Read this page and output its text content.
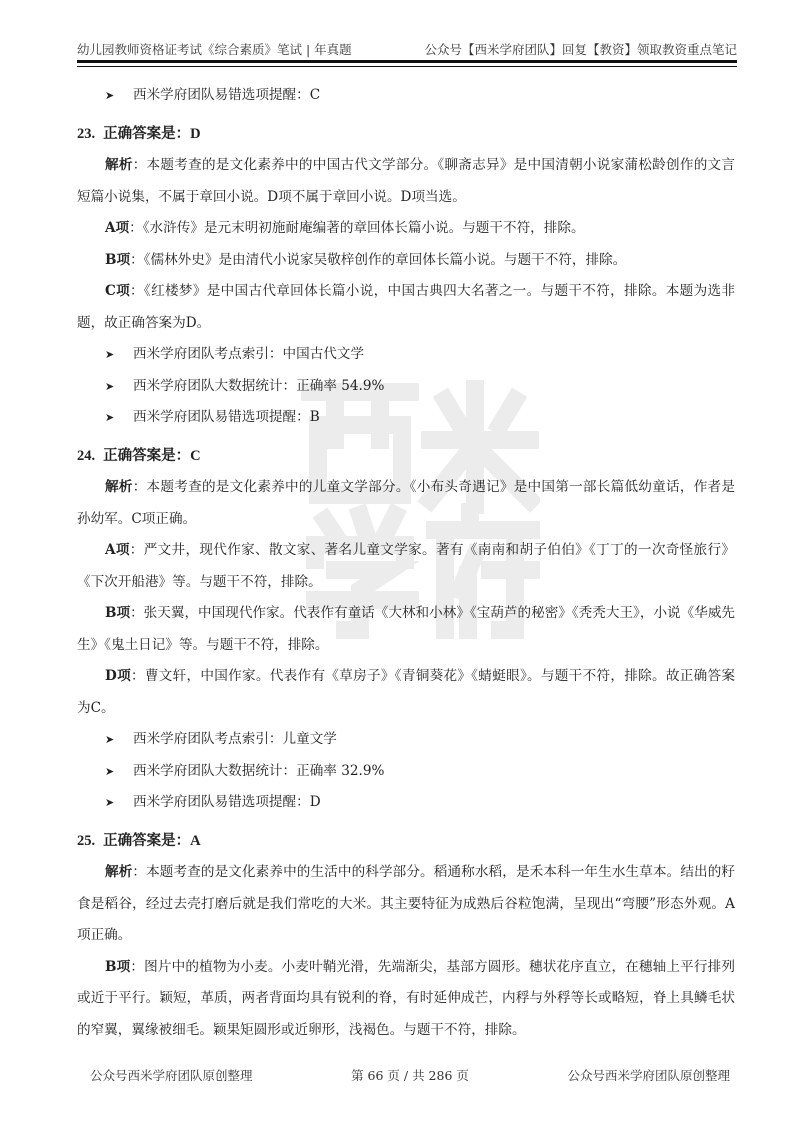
幼儿园教师资格证考试《综合素质》笔试 | 年真题	公众号【西米学府团队】回复【教资】领取教资重点笔记

➤	西米学府团队易错选项提醒：C

23. 正确答案是：D

解析：本题考查的是文化素养中的中国古代文学部分。《聊斋志异》是中国清朝小说家蒲松龄创作的文言短篇小说集，不属于章回小说。D项不属于章回小说。D项当选。

A项：《水浒传》是元末明初施耐庵编著的章回体长篇小说。与题干不符，排除。

B项：《儒林外史》是由清代小说家吴敬梓创作的章回体长篇小说。与题干不符，排除。

C项：《红楼梦》是中国古代章回体长篇小说，中国古典四大名著之一。与题干不符，排除。本题为选非题，故正确答案为D。

➤	西米学府团队考点索引：中国古代文学

➤	西米学府团队大数据统计：正确率 54.9%

➤	西米学府团队易错选项提醒：B

24. 正确答案是：C

解析：本题考查的是文化素养中的儿童文学部分。《小布头奇遇记》是中国第一部长篇低幼童话，作者是孙幼军。C项正确。

A项：严文井，现代作家、散文家、著名儿童文学家。著有《南南和胡子伯伯》《丁丁的一次奇怪旅行》《下次开船港》等。与题干不符，排除。

B项：张天翼，中国现代作家。代表作有童话《大林和小林》《宝葫芦的秘密》《秃秃大王》，小说《华威先生》《鬼土日记》等。与题干不符，排除。

D项：曹文轩，中国作家。代表作有《草房子》《青铜葵花》《蜻蜓眼》。与题干不符，排除。故正确答案为C。

➤	西米学府团队考点索引：儿童文学

➤	西米学府团队大数据统计：正确率 32.9%

➤	西米学府团队易错选项提醒：D

25. 正确答案是：A

解析：本题考查的是文化素养中的生活中的科学部分。稻通称水稻，是禾本科一年生水生草本。结出的籽食是稻谷，经过去壳打磨后就是我们常吃的大米。其主要特征为成熟后谷粒饱满，呈现出“弯腰”形态外观。A项正确。

B项：图片中的植物为小麦。小麦叶鞘光滑，先端渐尖，基部方圆形。穗状花序直立，在穗轴上平行排列或近于平行。颖短，革质，两者背面均具有锐利的脊，有时延伸成芒，内稃与外稃等长或略短，脊上具鳞毛状的窄翼，翼缘被细毛。颖果矩圆形或近卵形，浅褐色。与题干不符，排除。

公众号西米学府团队原创整理	第 66 页 / 共 286 页	公众号西米学府团队原创整理
